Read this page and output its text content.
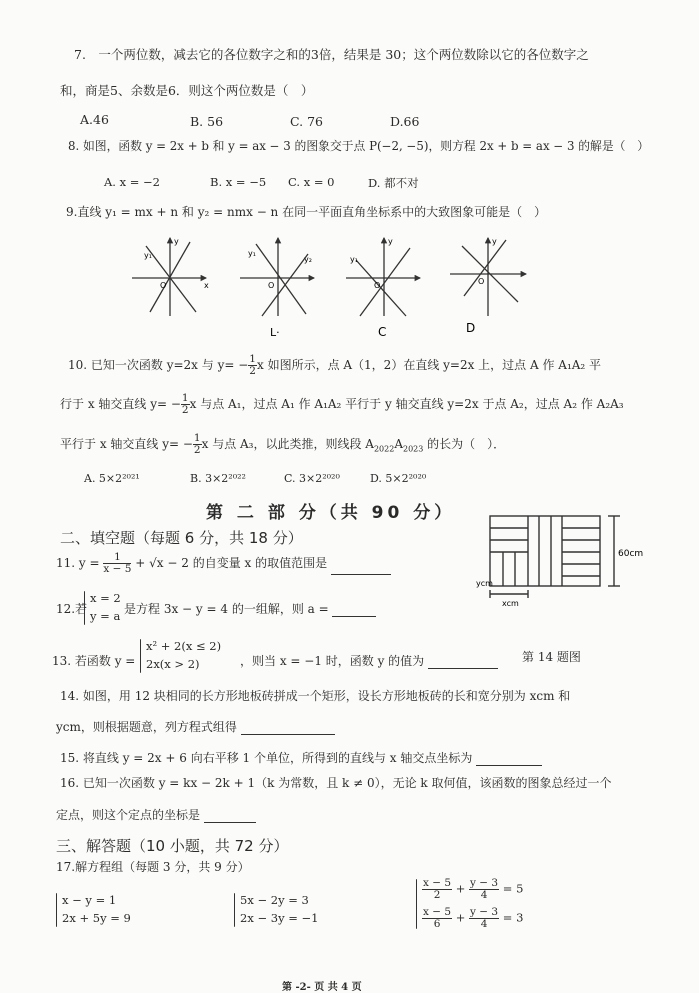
7.　一个两位数，减去它的各位数字之和的3倍，结果是 30；这个两位数除以它的各位数字之
和，商是5、余数是6．则这个两位数是（　）
A.46	B. 56	C. 76	D.66
8. 如图，函数 y = 2x + b 和 y = ax − 3 的图象交于点 P(−2, −5)，则方程 2x + b = ax − 3 的解是（　）
A. x = −2	B. x = −5 C. x = 0	D. 都不对
9.直线 y₁ = mx + n 和 y₂ = nmx − n 在同一平面直角坐标系中的大致图象可能是（　）
y₁
y
O	x
y₁
y₂
O
L·
y₁
y
O
C
y
O
D
10. 已知一次函数 y=2x 与 $y= - \frac{1}{2}$ x 如图所示，点 A（1，2）在直线 y=2x 上，过点 A 作 A₁A₂ 平
行于 x 轴交直线 $y= - \frac{1}{2}$ x 与点 A₁，过点 A₁ 作 A₁A₂ 平行于 y 轴交直线 y=2x 于点 A₂，过点 A₂ 作 A₂A₃
平行于 x 轴交直线 $y= - \frac{1}{2}$ x 与点 A₃，以此类推，则线段 $A_{2022}A_{2023}$ 的长为（　）．
A. 5×2²⁰²¹	B. 3×2²⁰²²	C. 3×2²⁰²⁰	D. 5×2²⁰²⁰
第 二 部 分（共 90 分）
二、填空题（每题 6 分，共 18 分）
60cm
ycm
xcm
11. $y = \frac{1}{x - 5} + √x - 2$ 的自变量 x 的取值范围是
12.若
x = 2
y = a 是方程 3x − y = 4 的一组解，则 a =
13. 若函数 y =
x² + 2(x ≤ 2)
2x(x > 2)	，则当 x = −1 时，函数 y 的值为	第 14 题图
14. 如图，用 12 块相同的长方形地板砖拼成一个矩形，设长方形地板砖的长和宽分别为 xcm 和
ycm，则根据题意，列方程式组得
15. 将直线 y = 2x + 6 向右平移 1 个单位，所得到的直线与 x 轴交点坐标为
16. 已知一次函数 y = kx − 2k + 1（k 为常数，且 k ≠ 0），无论 k 取何值，该函数的图象总经过一个
定点，则这个定点的坐标是
三、解答题（10 小题，共 72 分）
17.解方程组（每题 3 分，共 9 分）
x − y = 1
2x + 5y = 9
5x − 2y = 3
2x − 3y = −1
$\frac{x - 5}{2} + \frac{y - 3}{4} = 5$
$\frac{x - 5}{6} + \frac{y - 3}{4} = 3$
第 -2- 页 共 4 页
